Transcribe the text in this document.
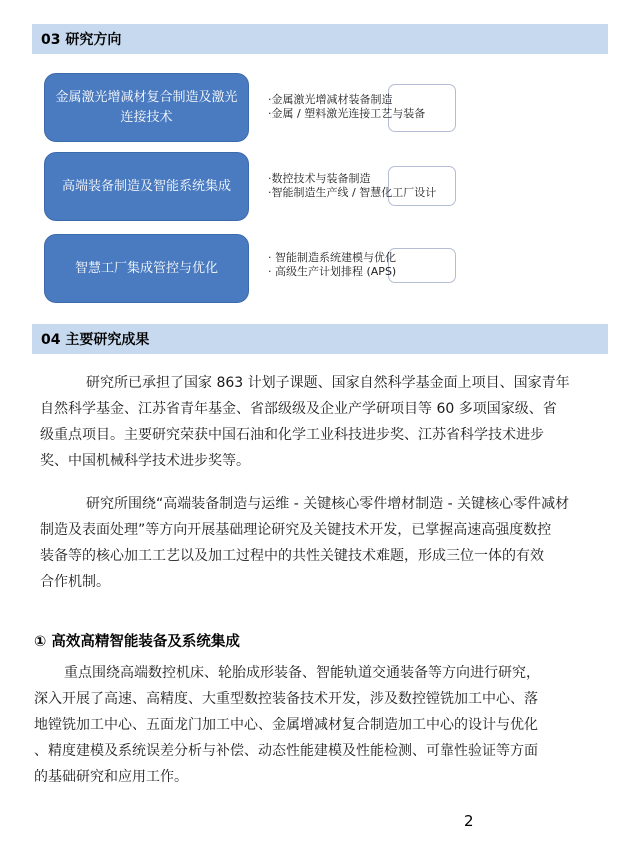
03 研究方向
金属激光增减材复合制造及激光连接技术
·金属激光增减材装备制造
·金属 / 塑料激光连接工艺与装备
高端装备制造及智能系统集成	·数控技术与装备制造
·智能制造生产线 / 智慧化工厂设计
智慧工厂集成管控与优化
· 智能制造系统建模与优化
· 高级生产计划排程 (APS)
04 主要研究成果
研究所已承担了国家 863 计划子课题、国家自然科学基金面上项目、国家青年
自然科学基金、江苏省青年基金、省部级级及企业产学研项目等 60 多项国家级、省
级重点项目。主要研究荣获中国石油和化学工业科技进步奖、江苏省科学技术进步
奖、中国机械科学技术进步奖等。
研究所围绕“高端装备制造与运维 - 关键核心零件增材制造 - 关键核心零件减材
制造及表面处理”等方向开展基础理论研究及关键技术开发，已掌握高速高强度数控
装备等的核心加工工艺以及加工过程中的共性关键技术难题，形成三位一体的有效
合作机制。
① 高效高精智能装备及系统集成
重点围绕高端数控机床、轮胎成形装备、智能轨道交通装备等方向进行研究，
深入开展了高速、高精度、大重型数控装备技术开发，涉及数控镗铣加工中心、落
地镗铣加工中心、五面龙门加工中心、金属增减材复合制造加工中心的设计与优化
、精度建模及系统误差分析与补偿、动态性能建模及性能检测、可靠性验证等方面
的基础研究和应用工作。
2
